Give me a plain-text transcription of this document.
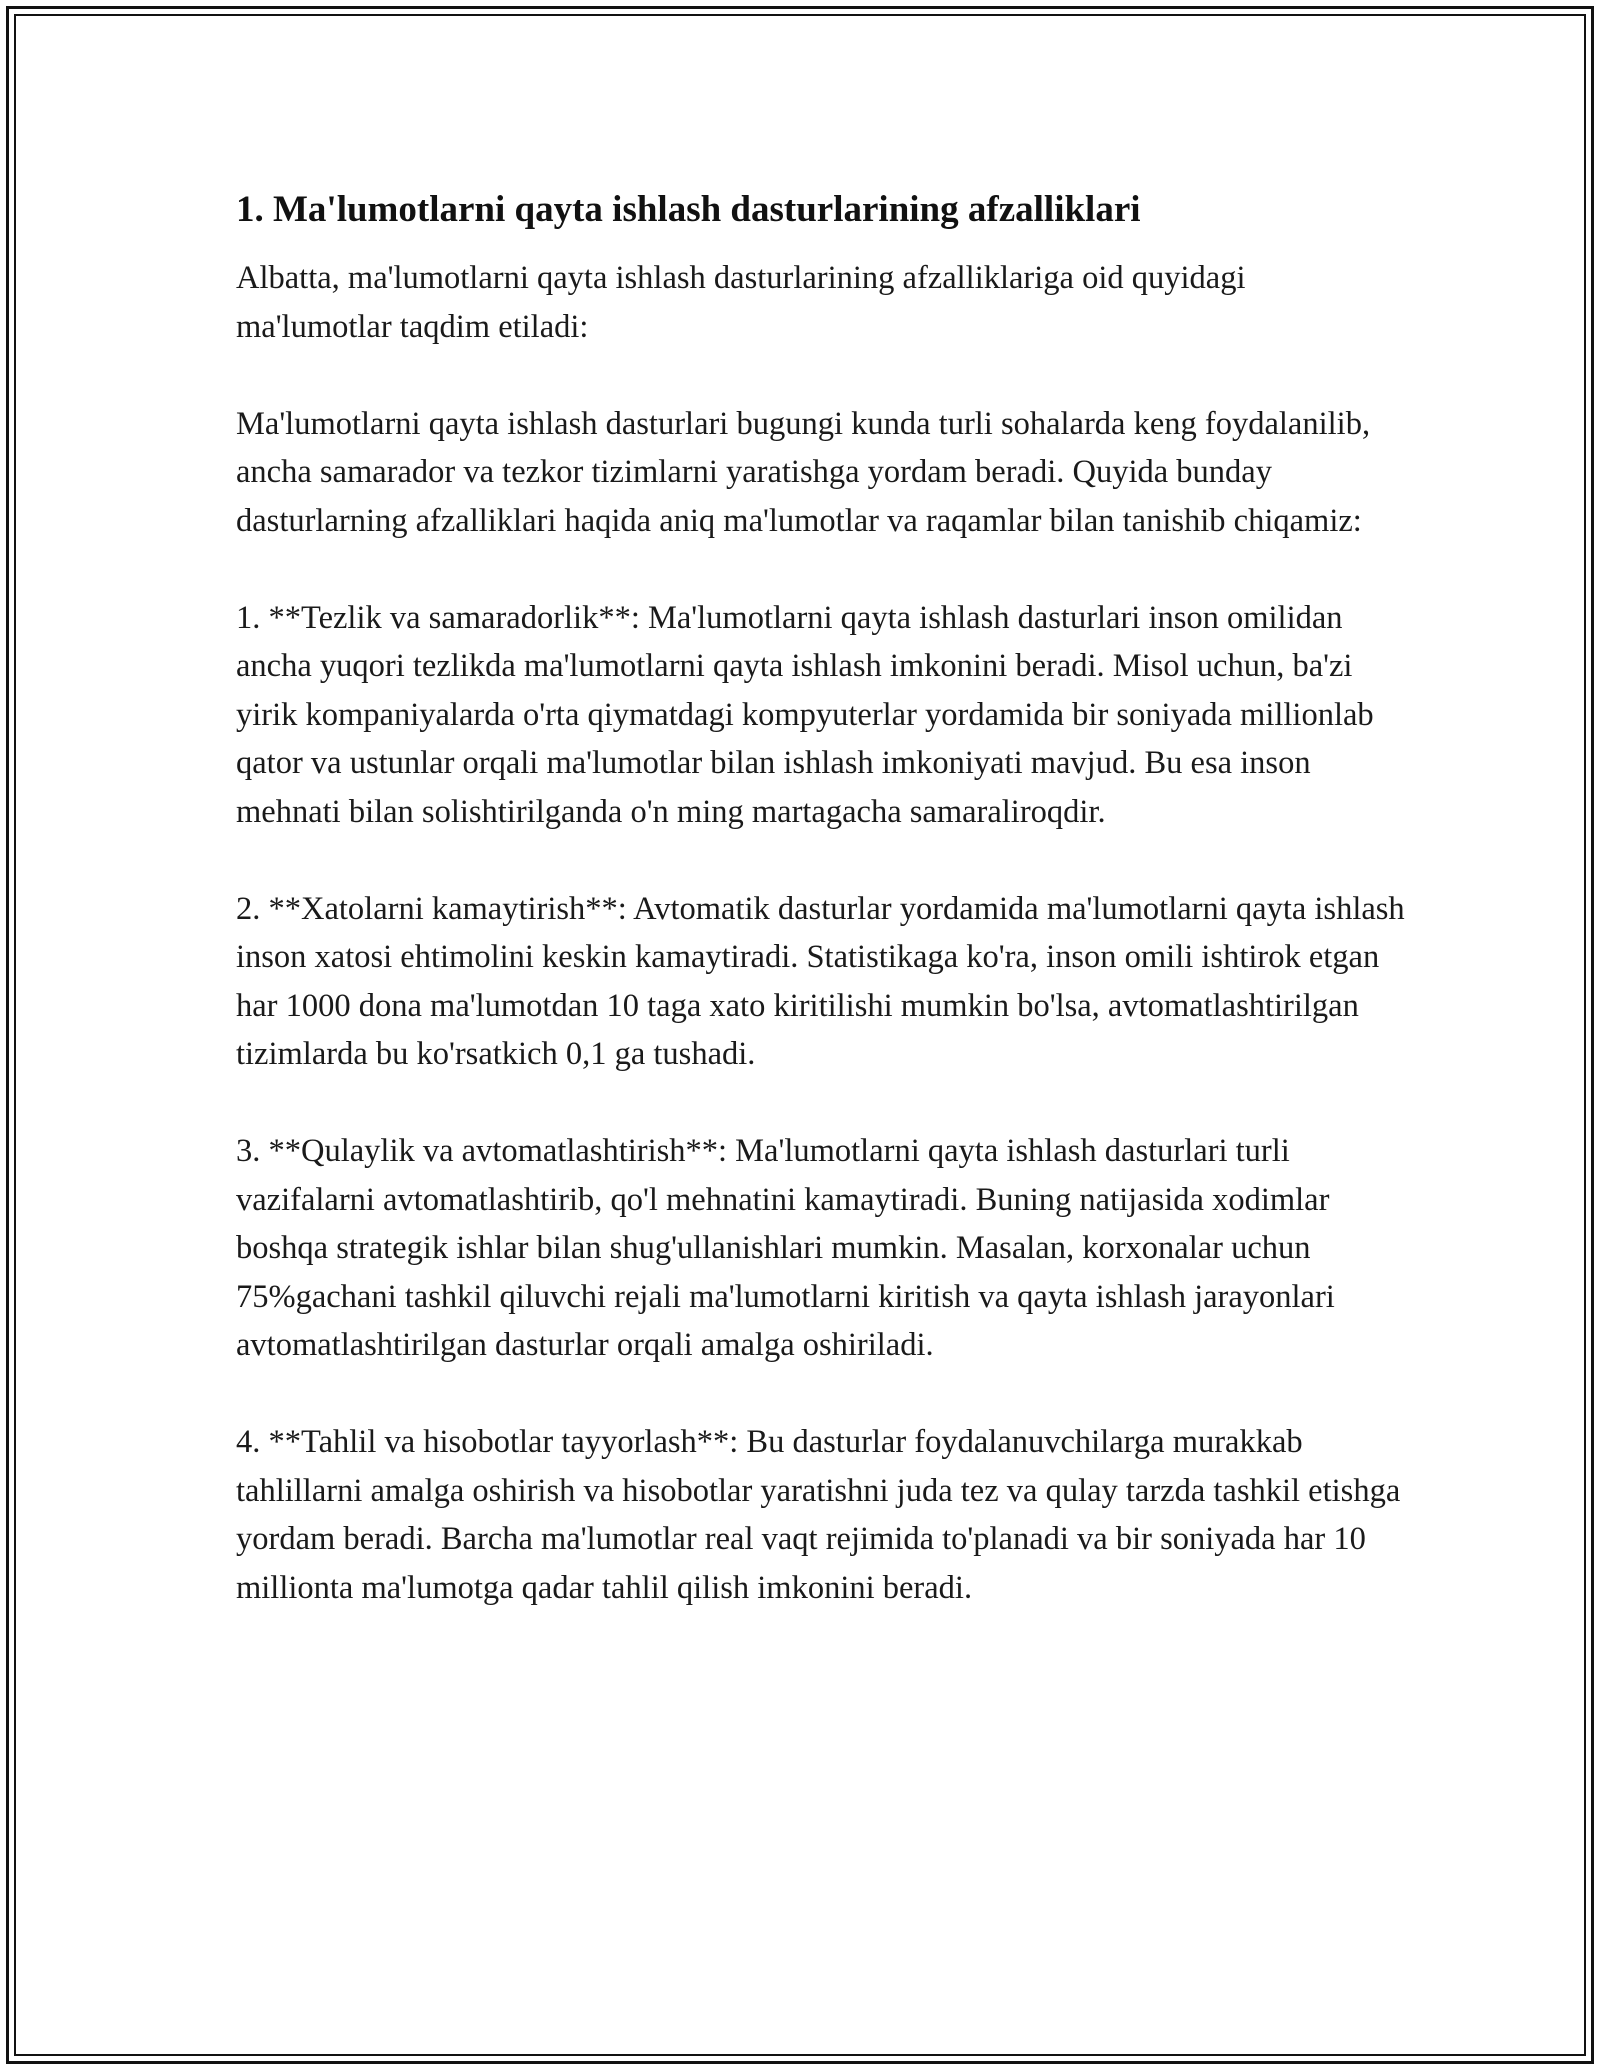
1. Ma'lumotlarni qayta ishlash dasturlarining afzalliklari

Albatta, ma'lumotlarni qayta ishlash dasturlarining afzalliklariga oid quyidagi ma'lumotlar taqdim etiladi:

Ma'lumotlarni qayta ishlash dasturlari bugungi kunda turli sohalarda keng foydalanilib, ancha samarador va tezkor tizimlarni yaratishga yordam beradi. Quyida bunday dasturlarning afzalliklari haqida aniq ma'lumotlar va raqamlar bilan tanishib chiqamiz:

1. **Tezlik va samaradorlik**: Ma'lumotlarni qayta ishlash dasturlari inson omilidan ancha yuqori tezlikda ma'lumotlarni qayta ishlash imkonini beradi. Misol uchun, ba'zi yirik kompaniyalarda o'rta qiymatdagi kompyuterlar yordamida bir soniyada millionlab qator va ustunlar orqali ma'lumotlar bilan ishlash imkoniyati mavjud. Bu esa inson mehnati bilan solishtirilganda o'n ming martagacha samaraliroqdir.

2. **Xatolarni kamaytirish**: Avtomatik dasturlar yordamida ma'lumotlarni qayta ishlash inson xatosi ehtimolini keskin kamaytiradi. Statistikaga ko'ra, inson omili ishtirok etgan har 1000 dona ma'lumotdan 10 taga xato kiritilishi mumkin bo'lsa, avtomatlashtirilgan tizimlarda bu ko'rsatkich 0,1 ga tushadi.

3. **Qulaylik va avtomatlashtirish**: Ma'lumotlarni qayta ishlash dasturlari turli vazifalarni avtomatlashtirib, qo'l mehnatini kamaytiradi. Buning natijasida xodimlar boshqa strategik ishlar bilan shug'ullanishlari mumkin. Masalan, korxonalar uchun 75%gachani tashkil qiluvchi rejali ma'lumotlarni kiritish va qayta ishlash jarayonlari avtomatlashtirilgan dasturlar orqali amalga oshiriladi.

4. **Tahlil va hisobotlar tayyorlash**: Bu dasturlar foydalanuvchilarga murakkab tahlillarni amalga oshirish va hisobotlar yaratishni juda tez va qulay tarzda tashkil etishga yordam beradi. Barcha ma'lumotlar real vaqt rejimida to'planadi va bir soniyada har 10 millionta ma'lumotga qadar tahlil qilish imkonini beradi.
